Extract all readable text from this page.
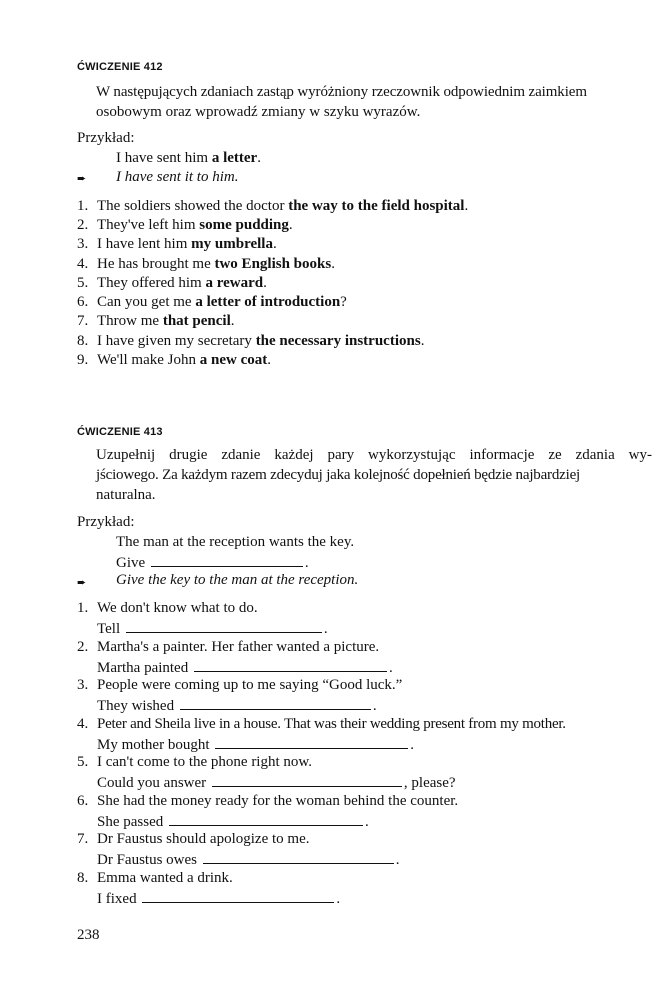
ĆWICZENIE 412
W następujących zdaniach zastąp wyróżniony rzeczownik odpowiednim zaimkiem
osobowym oraz wprowadź zmiany w szyku wyrazów.
Przykład:
I have sent him a letter.
➨ I have sent it to him.
1. The soldiers showed the doctor the way to the field hospital.
2. They've left him some pudding.
3. I have lent him my umbrella.
4. He has brought me two English books.
5. They offered him a reward.
6. Can you get me a letter of introduction?
7. Throw me that pencil.
8. I have given my secretary the necessary instructions.
9. We'll make John a new coat.
ĆWICZENIE 413
Uzupełnij drugie zdanie każdej pary wykorzystując informacje ze zdania wy-
jściowego. Za każdym razem zdecyduj jaka kolejność dopełnień będzie najbardziej
naturalna.
Przykład:
The man at the reception wants the key.
Give	.
➨ Give the key to the man at the reception.
1. We don't know what to do.
Tell	.
2. Martha's a painter. Her father wanted a picture.
Martha painted	.
3. People were coming up to me saying “Good luck.”
They wished	.
4. Peter and Sheila live in a house. That was their wedding present from my mother.
My mother bought	.
5. I can't come to the phone right now.
Could you answer	, please?
6. She had the money ready for the woman behind the counter.
She passed	.
7. Dr Faustus should apologize to me.
Dr Faustus owes	.
8. Emma wanted a drink.
I fixed	.
238
